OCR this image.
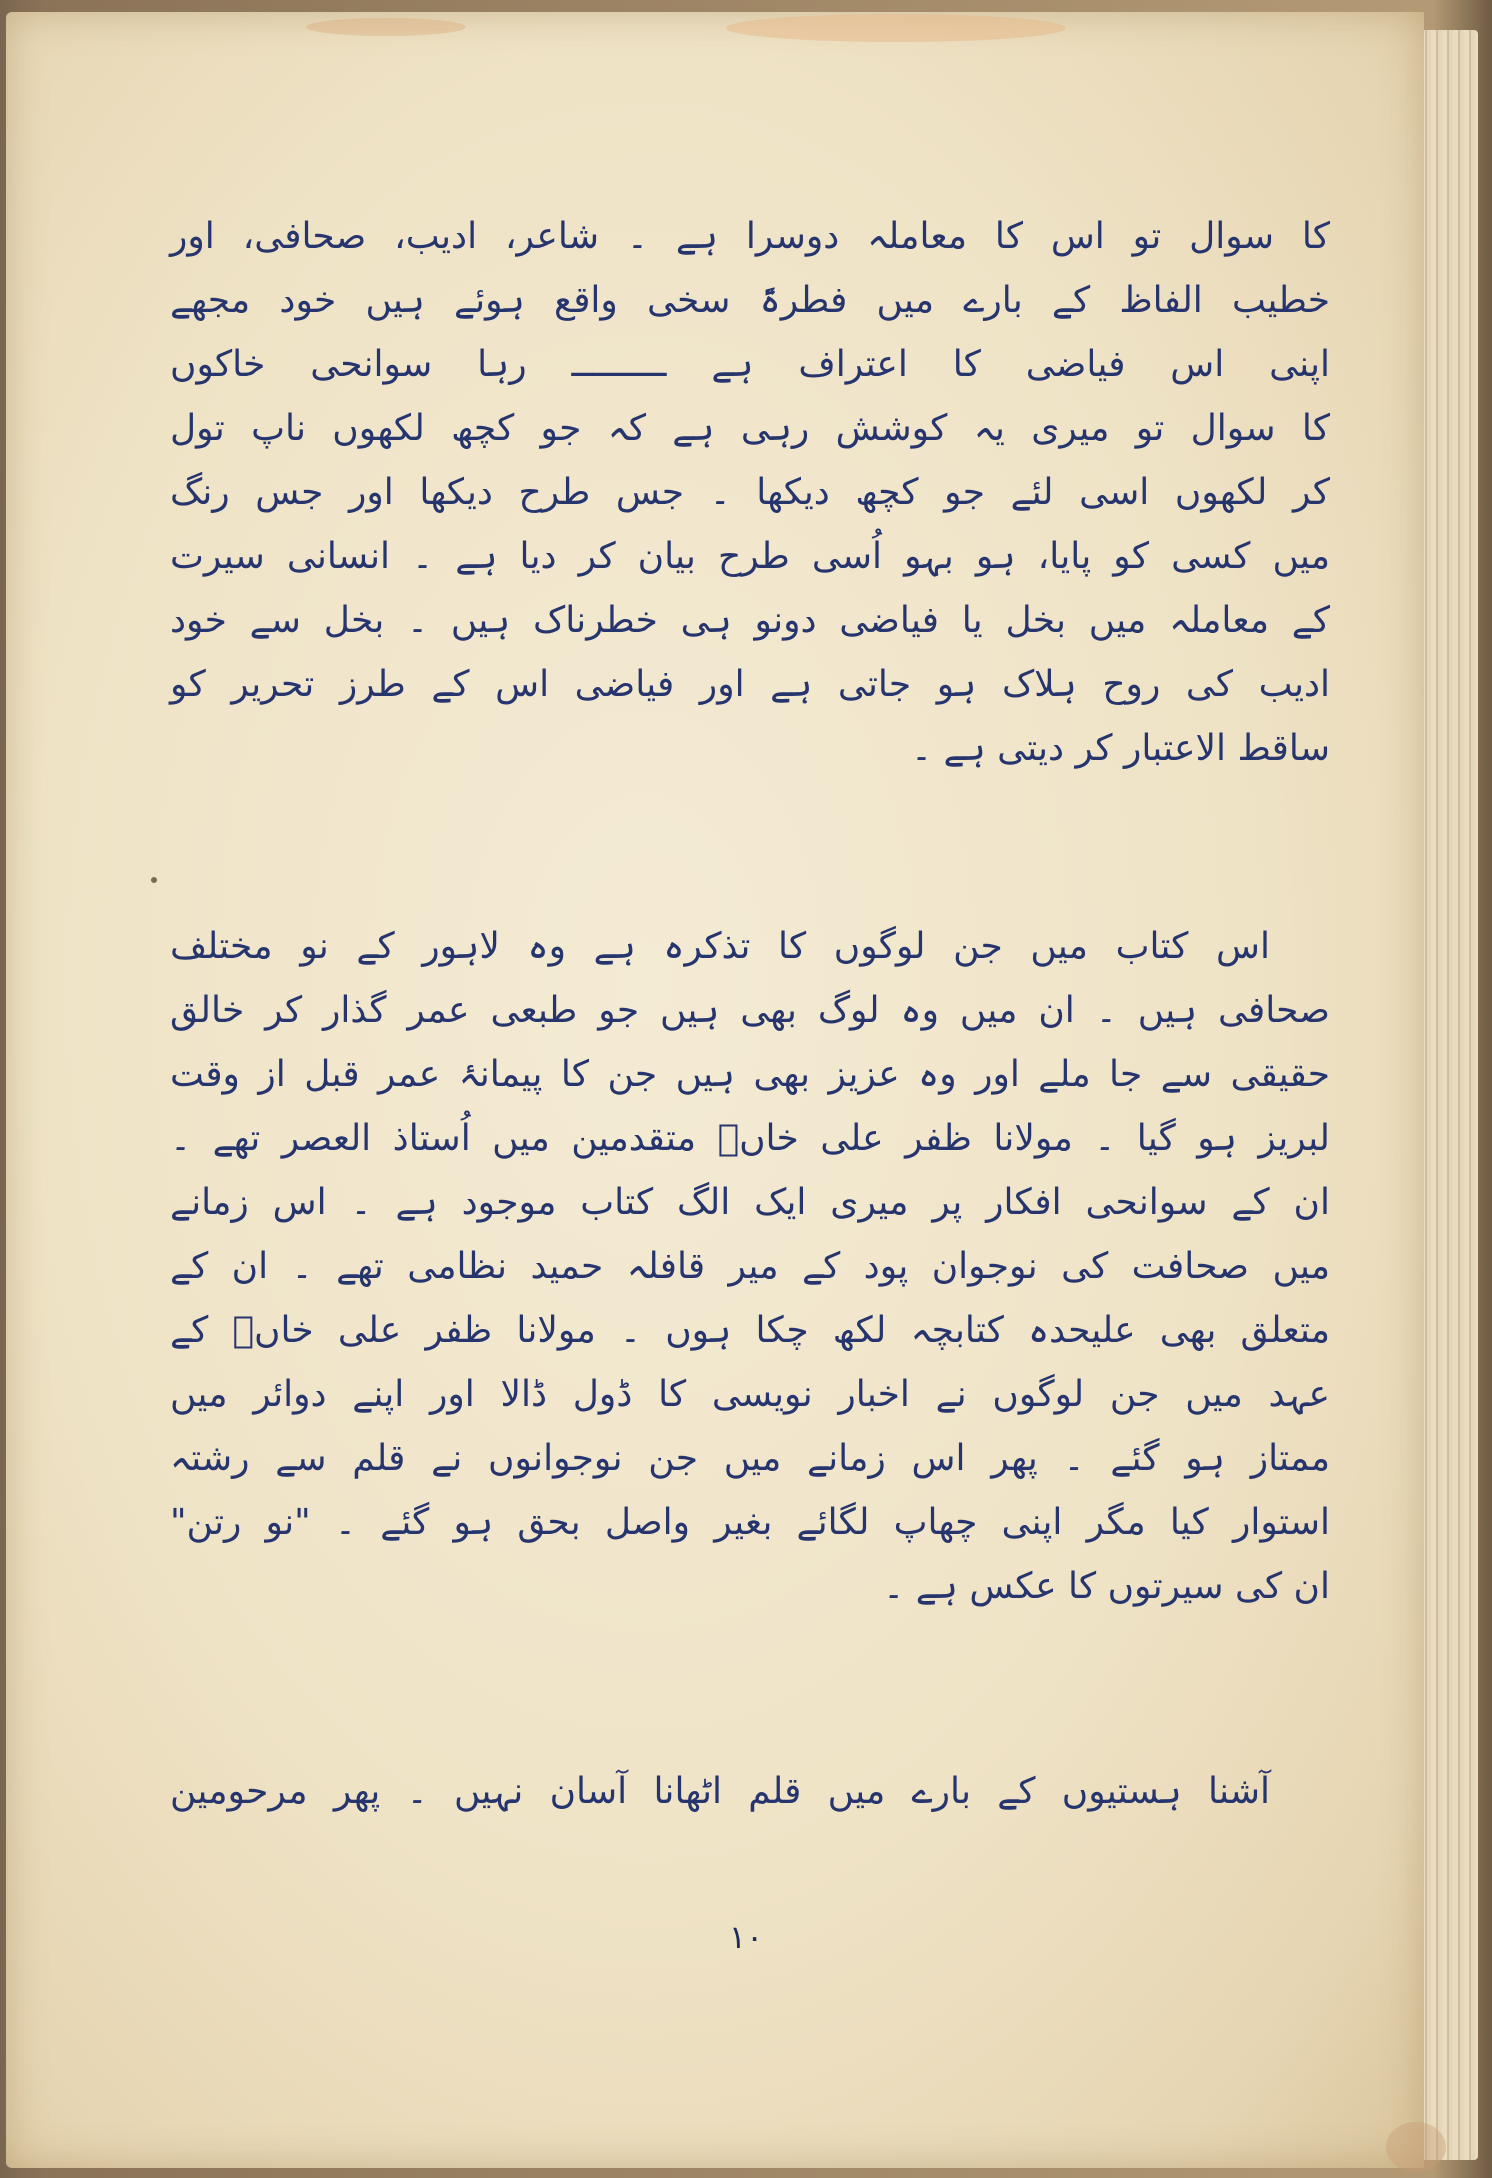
کا سوال تو اس کا معاملہ دوسرا ہے ۔ شاعر، ادیب، صحافی، اور
خطیب الفاظ کے بارے میں فطرۃً سخی واقع ہوئے ہیں خود مجھے
اپنی اس فیاضی کا اعتراف ہے ـــــــــ رہا سوانحی خاکوں
کا سوال تو میری یہ کوشش رہی ہے کہ جو کچھ لکھوں ناپ تول
کر لکھوں اسی لئے جو کچھ دیکھا ۔ جس طرح دیکھا اور جس رنگ
میں کسی کو پایا، ہو بہو اُسی طرح بیان کر دیا ہے ۔ انسانی سیرت
کے معاملہ میں بخل یا فیاضی دونو ہی خطرناک ہیں ۔ بخل سے خود
ادیب کی روح ہلاک ہو جاتی ہے اور فیاضی اس کے طرز تحریر کو
ساقط الاعتبار کر دیتی ہے ۔
اس کتاب میں جن لوگوں کا تذکرہ ہے وہ لاہور کے نو مختلف
صحافی ہیں ۔ ان میں وہ لوگ بھی ہیں جو طبعی عمر گذار کر خالق
حقیقی سے جا ملے اور وہ عزیز بھی ہیں جن کا پیمانۂ عمر قبل از وقت
لبریز ہو گیا ۔ مولانا ظفر علی خاںؒ متقدمین میں اُستاذ العصر تھے ۔
ان کے سوانحی افکار پر میری ایک الگ کتاب موجود ہے ۔ اس زمانے
میں صحافت کی نوجوان پود کے میر قافلہ حمید نظامی تھے ۔ ان کے
متعلق بھی علیحدہ کتابچہ لکھ چکا ہوں ۔ مولانا ظفر علی خاںؒ کے
عہد میں جن لوگوں نے اخبار نویسی کا ڈول ڈالا اور اپنے دوائر میں
ممتاز ہو گئے ۔ پھر اس زمانے میں جن نوجوانوں نے قلم سے رشتہ
استوار کیا مگر اپنی چھاپ لگائے بغیر واصل بحق ہو گئے ۔ "نو رتن"
ان کی سیرتوں کا عکس ہے ۔
آشنا ہستیوں کے بارے میں قلم اٹھانا آسان نہیں ۔ پھر مرحومین
۱۰
